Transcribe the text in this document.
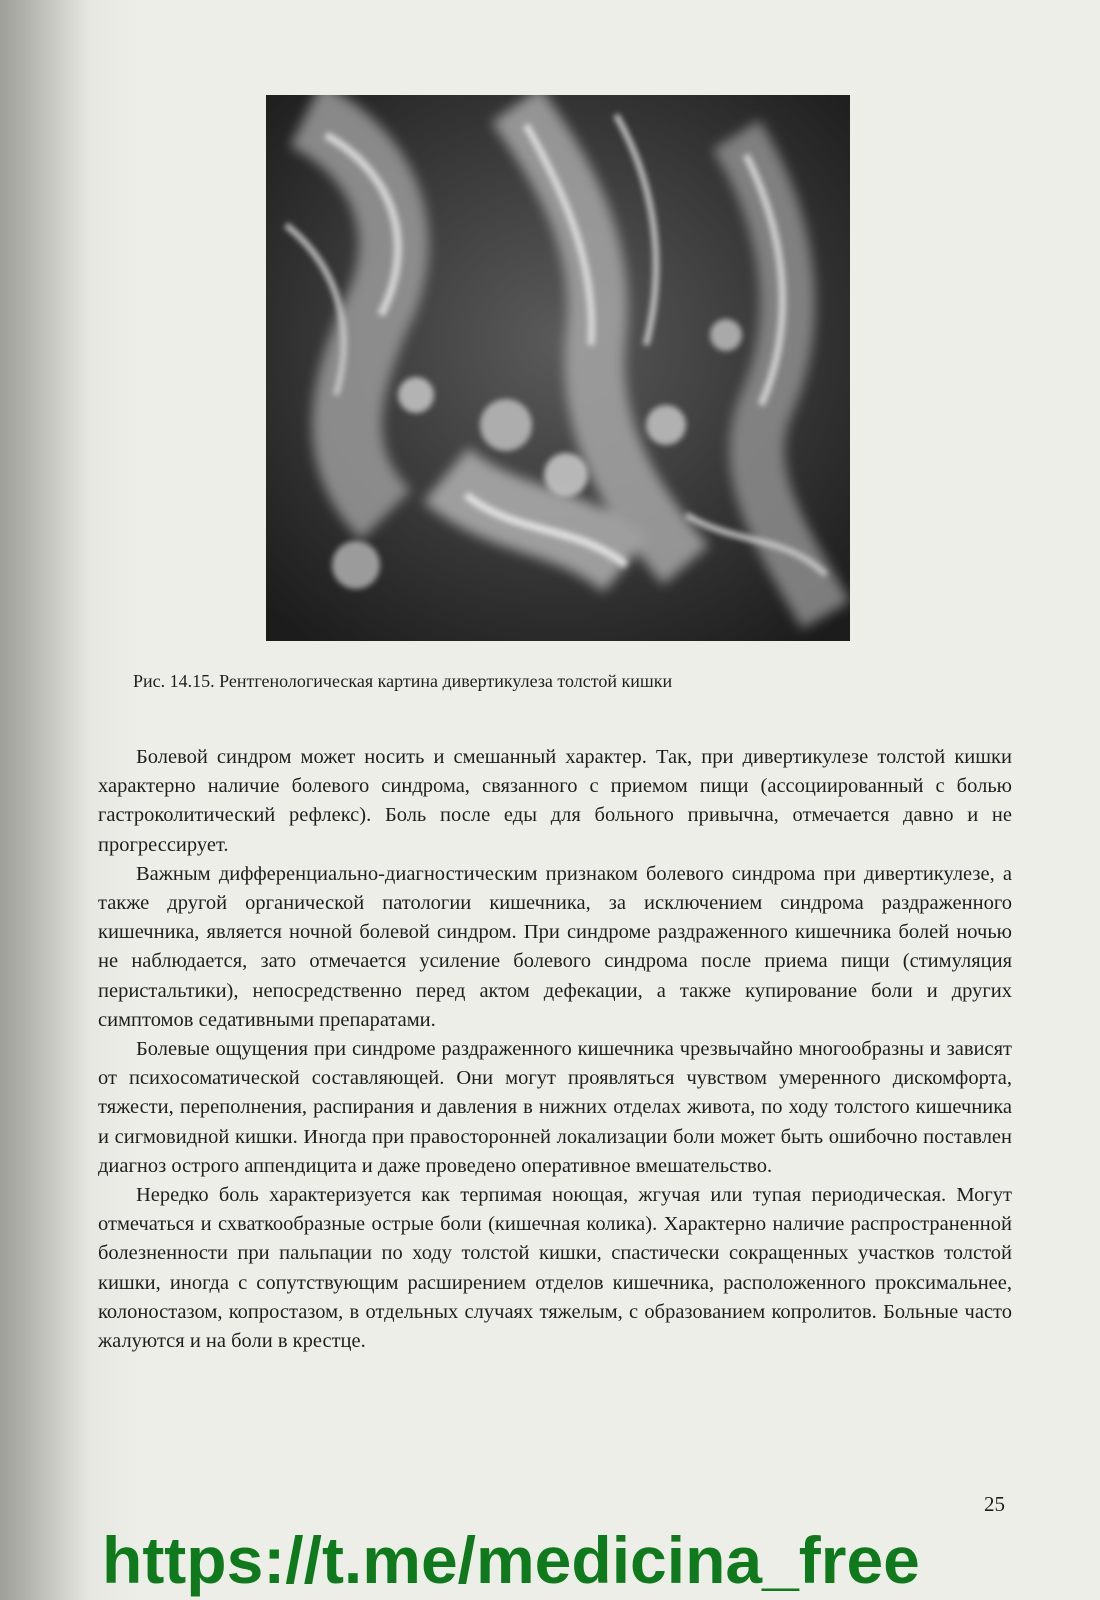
Рис. 14.15. Рентгенологическая картина дивертикулеза толстой кишки

Болевой синдром может носить и смешанный характер. Так, при дивертикулезе толстой кишки характерно наличие болевого синдрома, связанного с приемом пищи (ассоциированный с болью гастроколитический рефлекс). Боль после еды для больного привычна, отмечается давно и не прогрессирует.

Важным дифференциально-диагностическим признаком болевого синдрома при дивертикулезе, а также другой органической патологии кишечника, за исключением синдрома раздраженного кишечника, является ночной болевой синдром. При синдроме раздраженного кишечника болей ночью не наблюдается, зато отмечается усиление болевого синдрома после приема пищи (стимуляция перистальтики), непосредственно перед актом дефекации, а также купирование боли и других симптомов седативными препаратами.

Болевые ощущения при синдроме раздраженного кишечника чрезвычайно многообразны и зависят от психосоматической составляющей. Они могут проявляться чувством умеренного дискомфорта, тяжести, переполнения, распирания и давления в нижних отделах живота, по ходу толстого кишечника и сигмовидной кишки. Иногда при правосторонней локализации боли может быть ошибочно поставлен диагноз острого аппендицита и даже проведено оперативное вмешательство.

Нередко боль характеризуется как терпимая ноющая, жгучая или тупая периодическая. Могут отмечаться и схваткообразные острые боли (кишечная колика). Характерно наличие распространенной болезненности при пальпации по ходу толстой кишки, спастически сокращенных участков толстой кишки, иногда с сопутствующим расширением отделов кишечника, расположенного проксимальнее, колоностазом, копростазом, в отдельных случаях тяжелым, с образованием копролитов. Больные часто жалуются и на боли в крестце.

25
https://t.me/medicina_free
